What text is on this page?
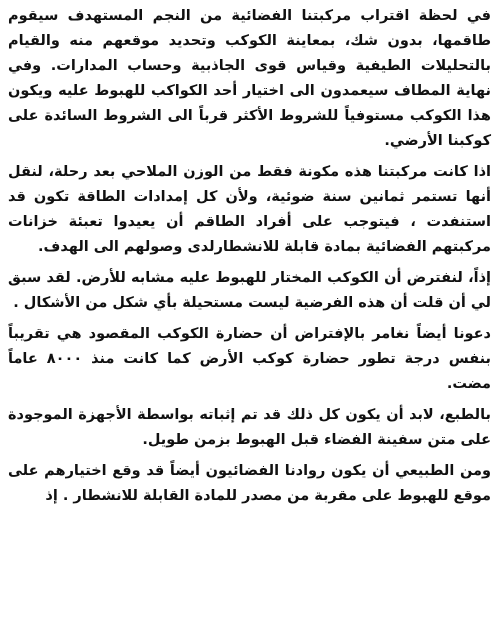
في لحظة اقتراب مركبتنا الفضائية من النجم المستهدف سيقوم طاقمها، بدون شك، بمعاينة الكوكب وتحديد موقعهم منه والقيام بالتحليلات الطيفية وقياس قوى الجاذبية وحساب المدارات. وفي نهاية المطاف سيعمدون الى اختيار أحد الكواكب للهبوط عليه ويكون هذا الكوكب مستوفياً للشروط الأكثر قرباً الى الشروط السائدة على كوكبنا الأرضي.

اذا كانت مركبتنا هذه مكونة فقط من الوزن الملاحي بعد رحلة، لنقل أنها تستمر ثمانين سنة ضوئية، ولأن كل إمدادات الطاقة تكون قد استنفدت ، فيتوجب على أفراد الطاقم أن يعيدوا تعبئة خزانات مركبتهم الفضائية بمادة قابلة للانشطارلدى وصولهم الى الهدف.

إذاً، لنفترض أن الكوكب المختار للهبوط عليه مشابه للأرض. لقد سبق لي أن قلت أن هذه الفرضية ليست مستحيلة بأي شكل من الأشكال .

دعونا أيضاً نغامر بالإفتراض أن حضارة الكوكب المقصود هي تقريباً بنفس درجة تطور حضارة كوكب الأرض كما كانت منذ ٨٠٠٠ عاماً مضت.

بالطبع، لابد أن يكون كل ذلك قد تم إثباته بواسطة الأجهزة الموجودة على متن سفينة الفضاء قبل الهبوط بزمن طويل.

ومن الطبيعي أن يكون روادنا الفضائيون أيضاً قد وقع اختيارهم على موقع للهبوط على مقربة من مصدر للمادة القابلة للانشطار . إذ
